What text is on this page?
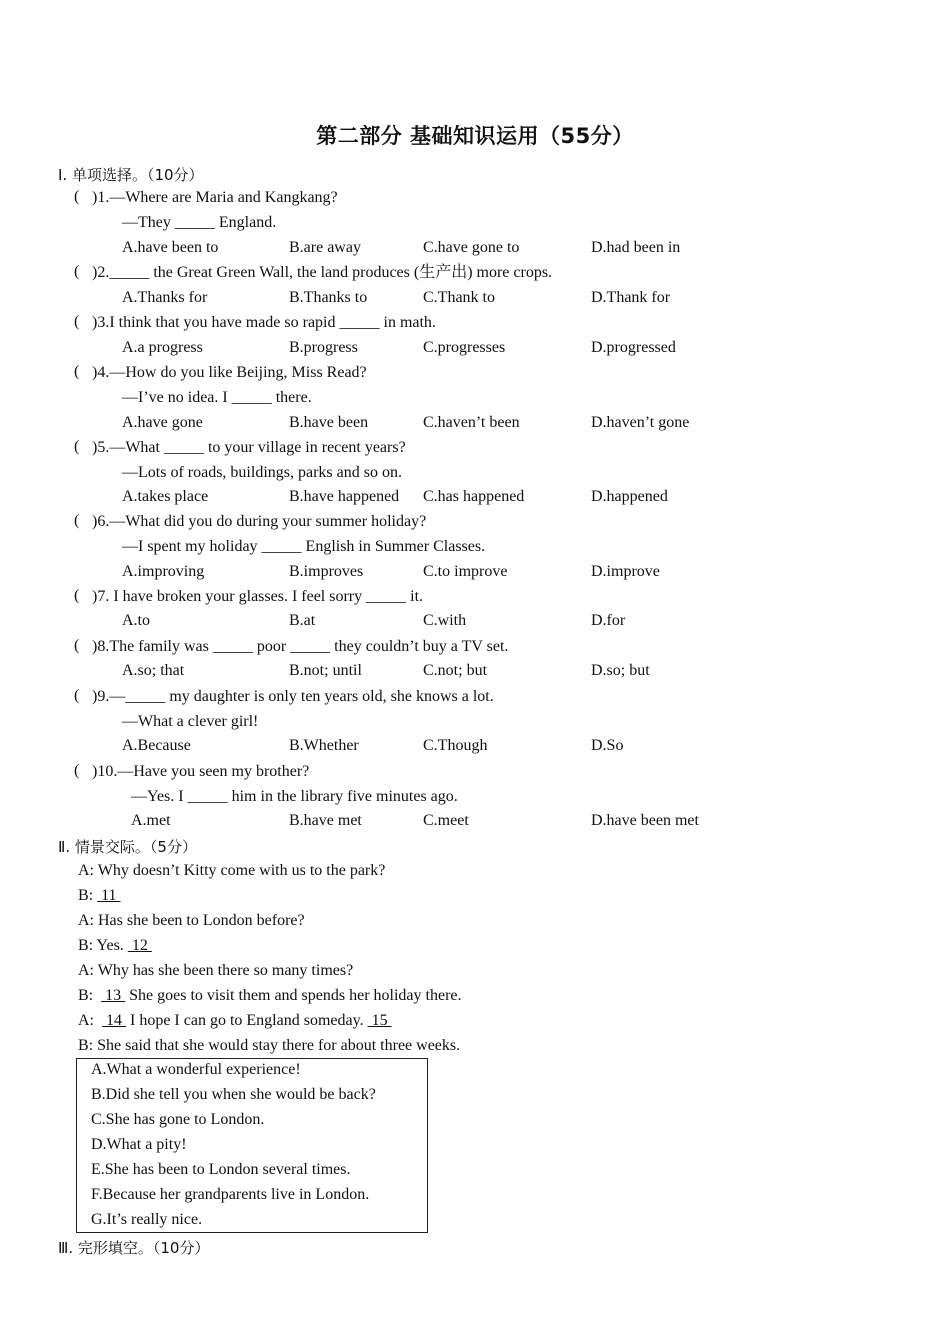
第二部分 基础知识运用（55分）
Ⅰ. 单项选择。（10分）
( )1.—Where are Maria and Kangkang?
—They _____ England.
A.have been to	B.are away	C.have gone to	D.had been in
( )2._____ the Great Green Wall, the land produces (生产出) more crops.
A.Thanks for	B.Thanks to	C.Thank to	D.Thank for
( )3.I think that you have made so rapid _____ in math.
A.a progress	B.progress	C.progresses	D.progressed
( )4.—How do you like Beijing, Miss Read?
—I’ve no idea. I _____ there.
A.have gone	B.have been	C.haven’t been	D.haven’t gone
( )5.—What _____ to your village in recent years?
—Lots of roads, buildings, parks and so on.
A.takes place	B.have happened C.has happened	D.happened
( )6.—What did you do during your summer holiday?
—I spent my holiday _____ English in Summer Classes.
A.improving	B.improves	C.to improve	D.improve
( )7. I have broken your glasses. I feel sorry _____ it.
A.to	B.at	C.with	D.for
( )8.The family was _____ poor _____ they couldn’t buy a TV set.
A.so; that	B.not; until	C.not; but	D.so; but
( )9.—_____ my daughter is only ten years old, she knows a lot.
—What a clever girl!
A.Because	B.Whether	C.Though	D.So
( )10.—Have you seen my brother?
—Yes. I _____ him in the library five minutes ago.
A.met	B.have met	C.meet	D.have been met
Ⅱ. 情景交际。（5分）
A: Why doesn’t Kitty come with us to the park?
B:  11
A: Has she been to London before?
B: Yes.  12
A: Why has she been there so many times?
B:   13  She goes to visit them and spends her holiday there.
A:   14  I hope I can go to England someday.  15
B: She said that she would stay there for about three weeks.
A.What a wonderful experience!
B.Did she tell you when she would be back?
C.She has gone to London.
D.What a pity!
E.She has been to London several times.
F.Because her grandparents live in London.
G.It’s really nice.
Ⅲ. 完形填空。（10分）
